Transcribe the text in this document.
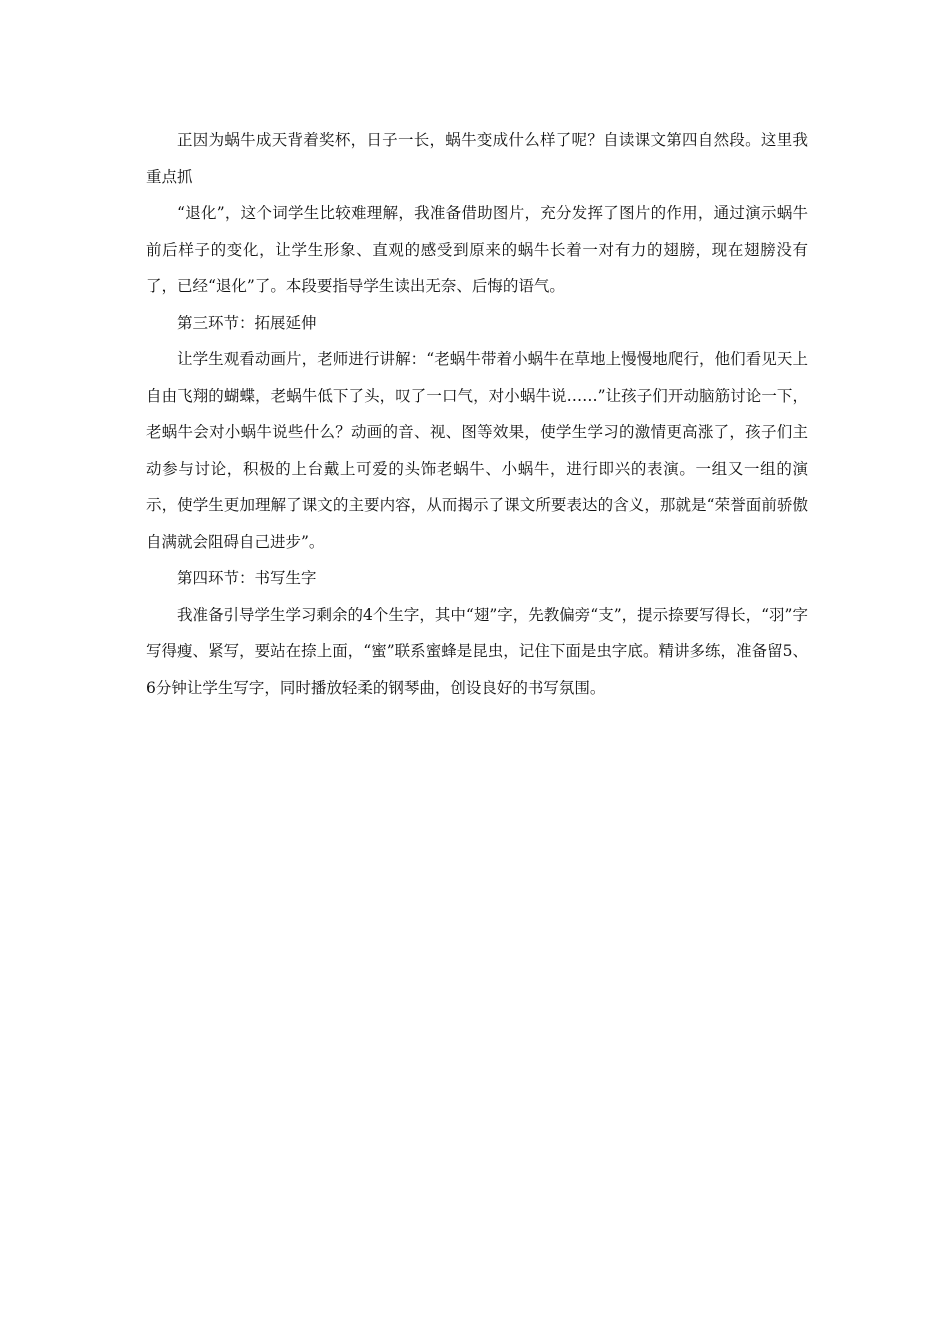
正因为蜗牛成天背着奖杯，日子一长，蜗牛变成什么样了呢？自读课文第四自然段。这里我重点抓

“退化”，这个词学生比较难理解，我准备借助图片，充分发挥了图片的作用，通过演示蜗牛前后样子的变化，让学生形象、直观的感受到原来的蜗牛长着一对有力的翅膀，现在翅膀没有了，已经“退化”了。本段要指导学生读出无奈、后悔的语气。

第三环节：拓展延伸

让学生观看动画片，老师进行讲解：“老蜗牛带着小蜗牛在草地上慢慢地爬行，他们看见天上自由飞翔的蝴蝶，老蜗牛低下了头，叹了一口气，对小蜗牛说……”让孩子们开动脑筋讨论一下，老蜗牛会对小蜗牛说些什么？动画的音、视、图等效果，使学生学习的激情更高涨了，孩子们主动参与讨论，积极的上台戴上可爱的头饰老蜗牛、小蜗牛，进行即兴的表演。一组又一组的演示，使学生更加理解了课文的主要内容，从而揭示了课文所要表达的含义，那就是“荣誉面前骄傲自满就会阻碍自己进步”。

第四环节：书写生字

我准备引导学生学习剩余的4个生字，其中“翅”字，先教偏旁“支”，提示捺要写得长，“羽”字写得瘦、紧写，要站在捺上面，“蜜”联系蜜蜂是昆虫，记住下面是虫字底。精讲多练，准备留5、6分钟让学生写字，同时播放轻柔的钢琴曲，创设良好的书写氛围。
